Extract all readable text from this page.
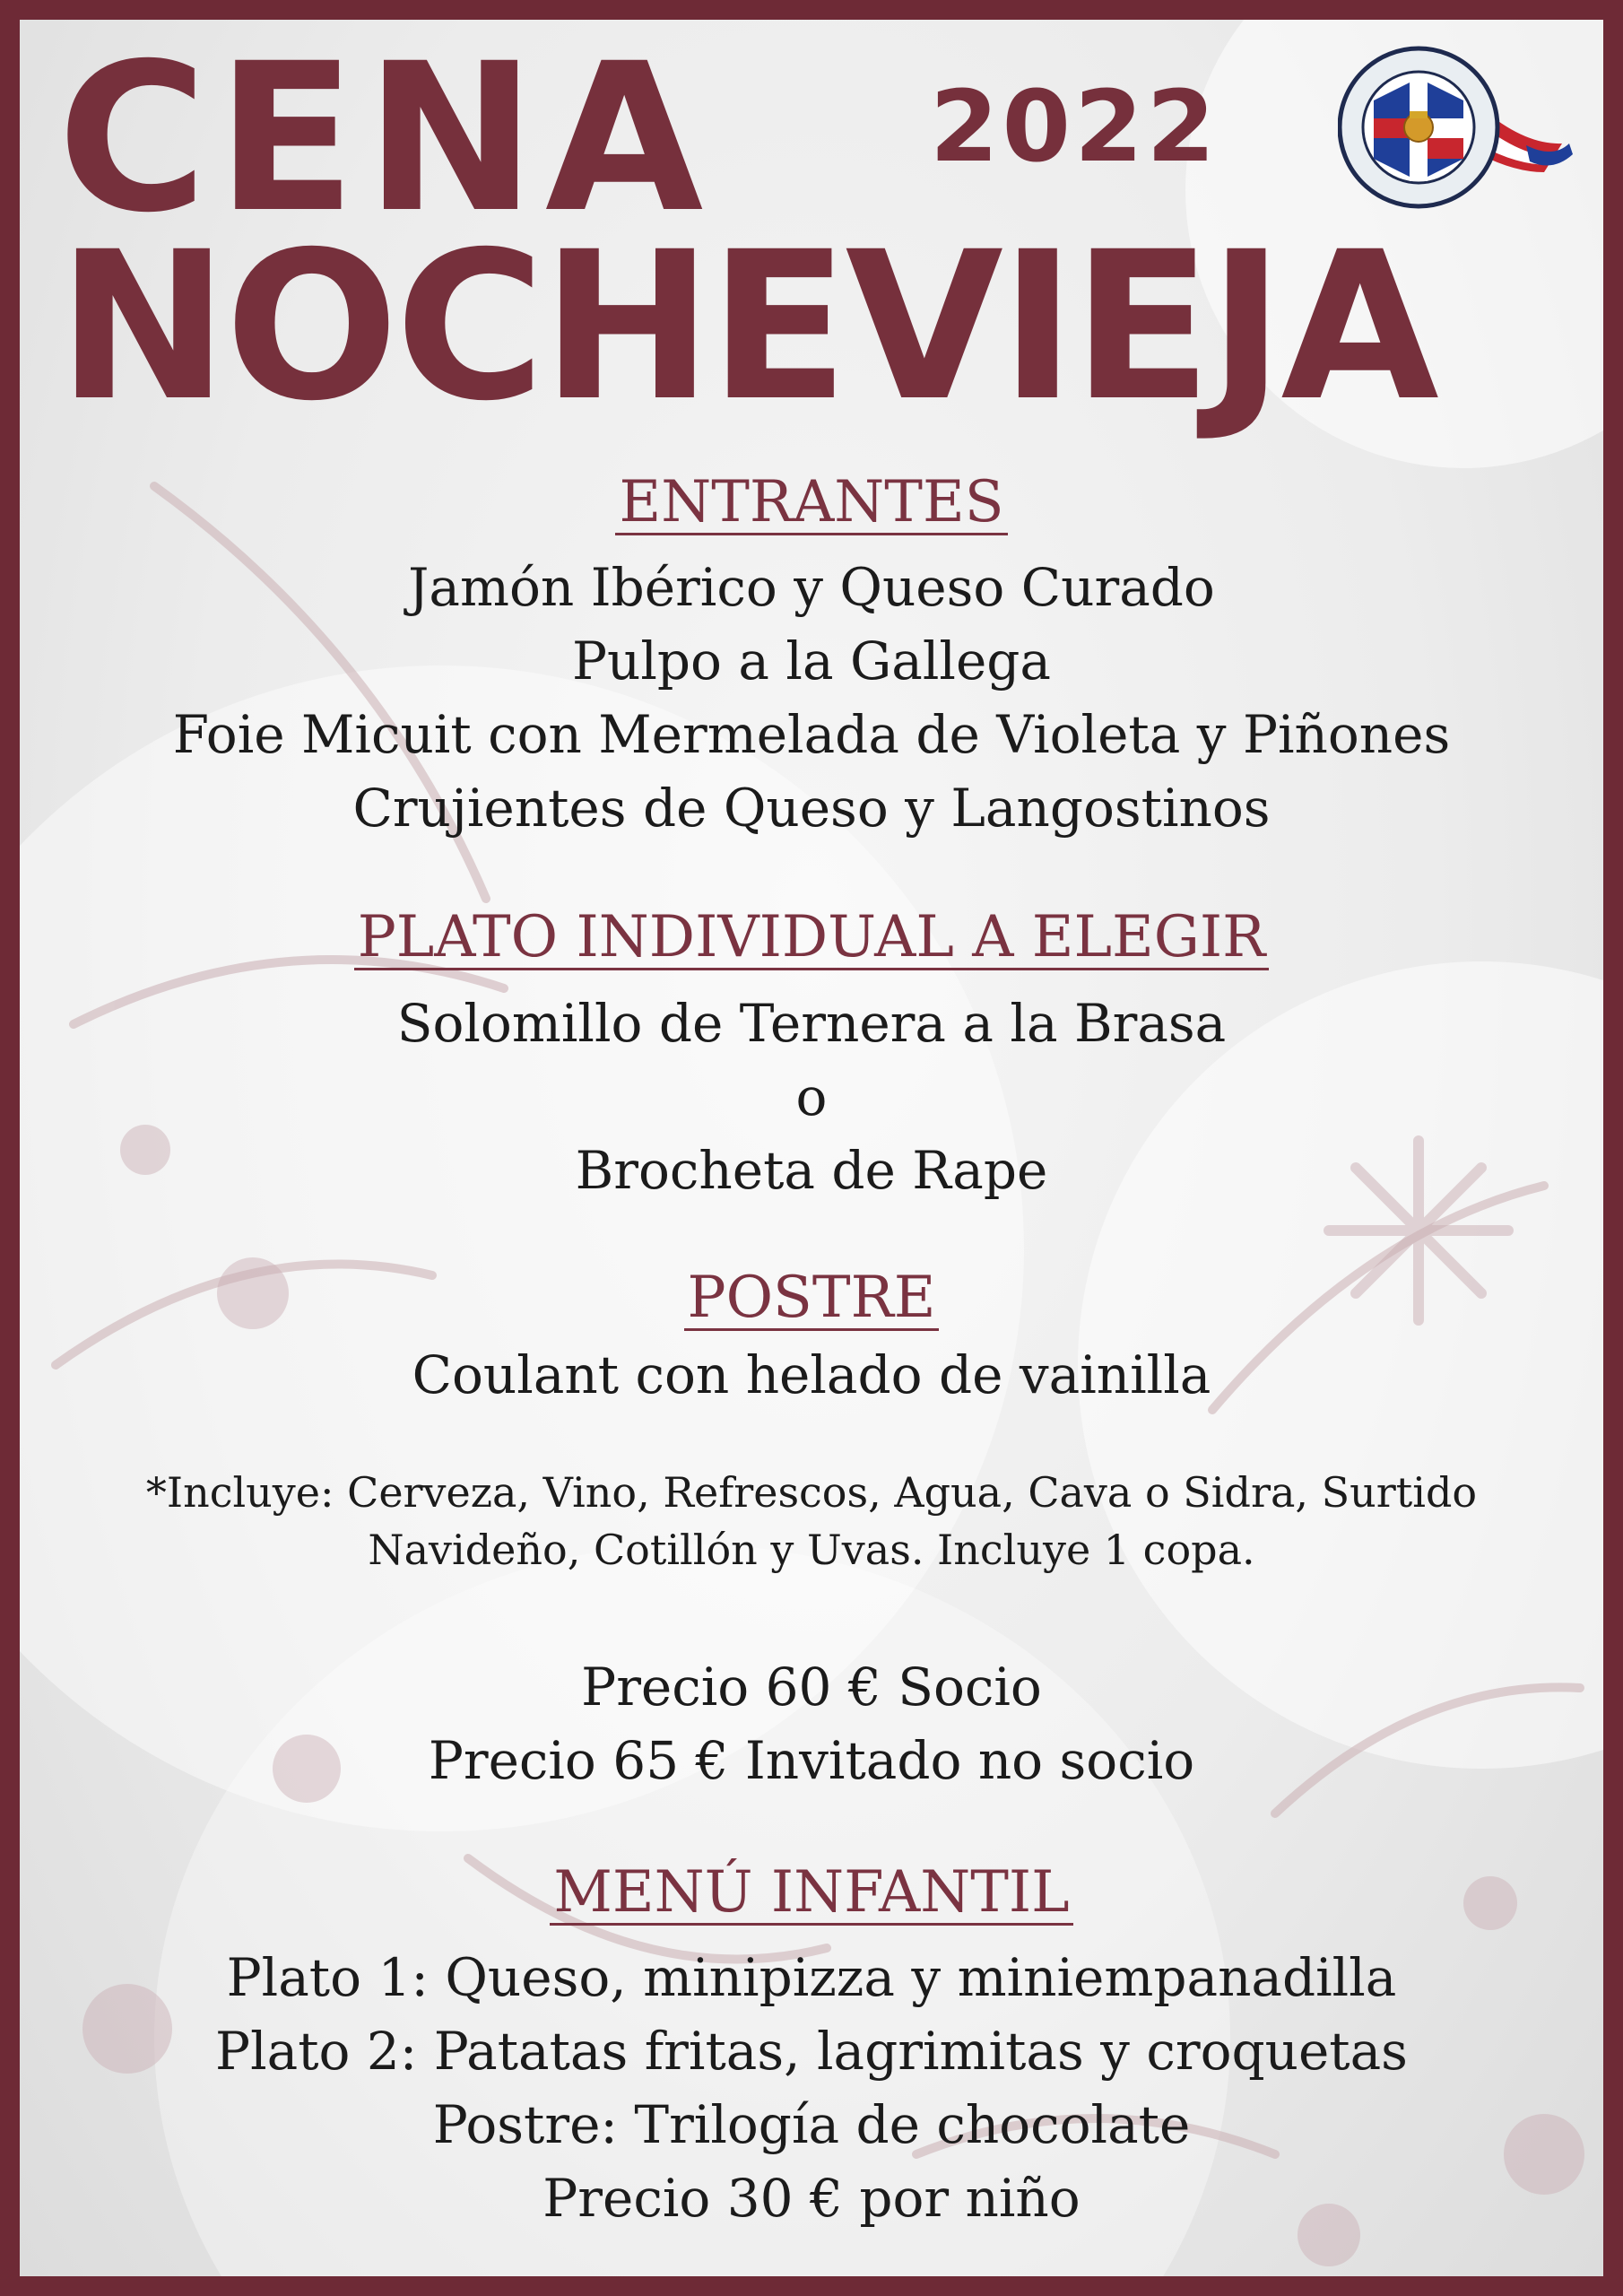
CENA 2022
NOCHEVIEJA
ENTRANTES
Jamón Ibérico y Queso Curado
Pulpo a la Gallega
Foie Micuit con Mermelada de Violeta y Piñones
Crujientes de Queso y Langostinos
PLATO INDIVIDUAL A ELEGIR
Solomillo de Ternera a la Brasa
o
Brocheta de Rape
POSTRE
Coulant con helado de vainilla
*Incluye: Cerveza, Vino, Refrescos, Agua, Cava o Sidra, Surtido
Navideño, Cotillón y Uvas. Incluye 1 copa.
Precio 60 € Socio
Precio 65 € Invitado no socio
MENÚ INFANTIL
Plato 1: Queso, minipizza y miniempanadilla
Plato 2: Patatas fritas, lagrimitas y croquetas
Postre: Trilogía de chocolate
Precio 30 € por niño
